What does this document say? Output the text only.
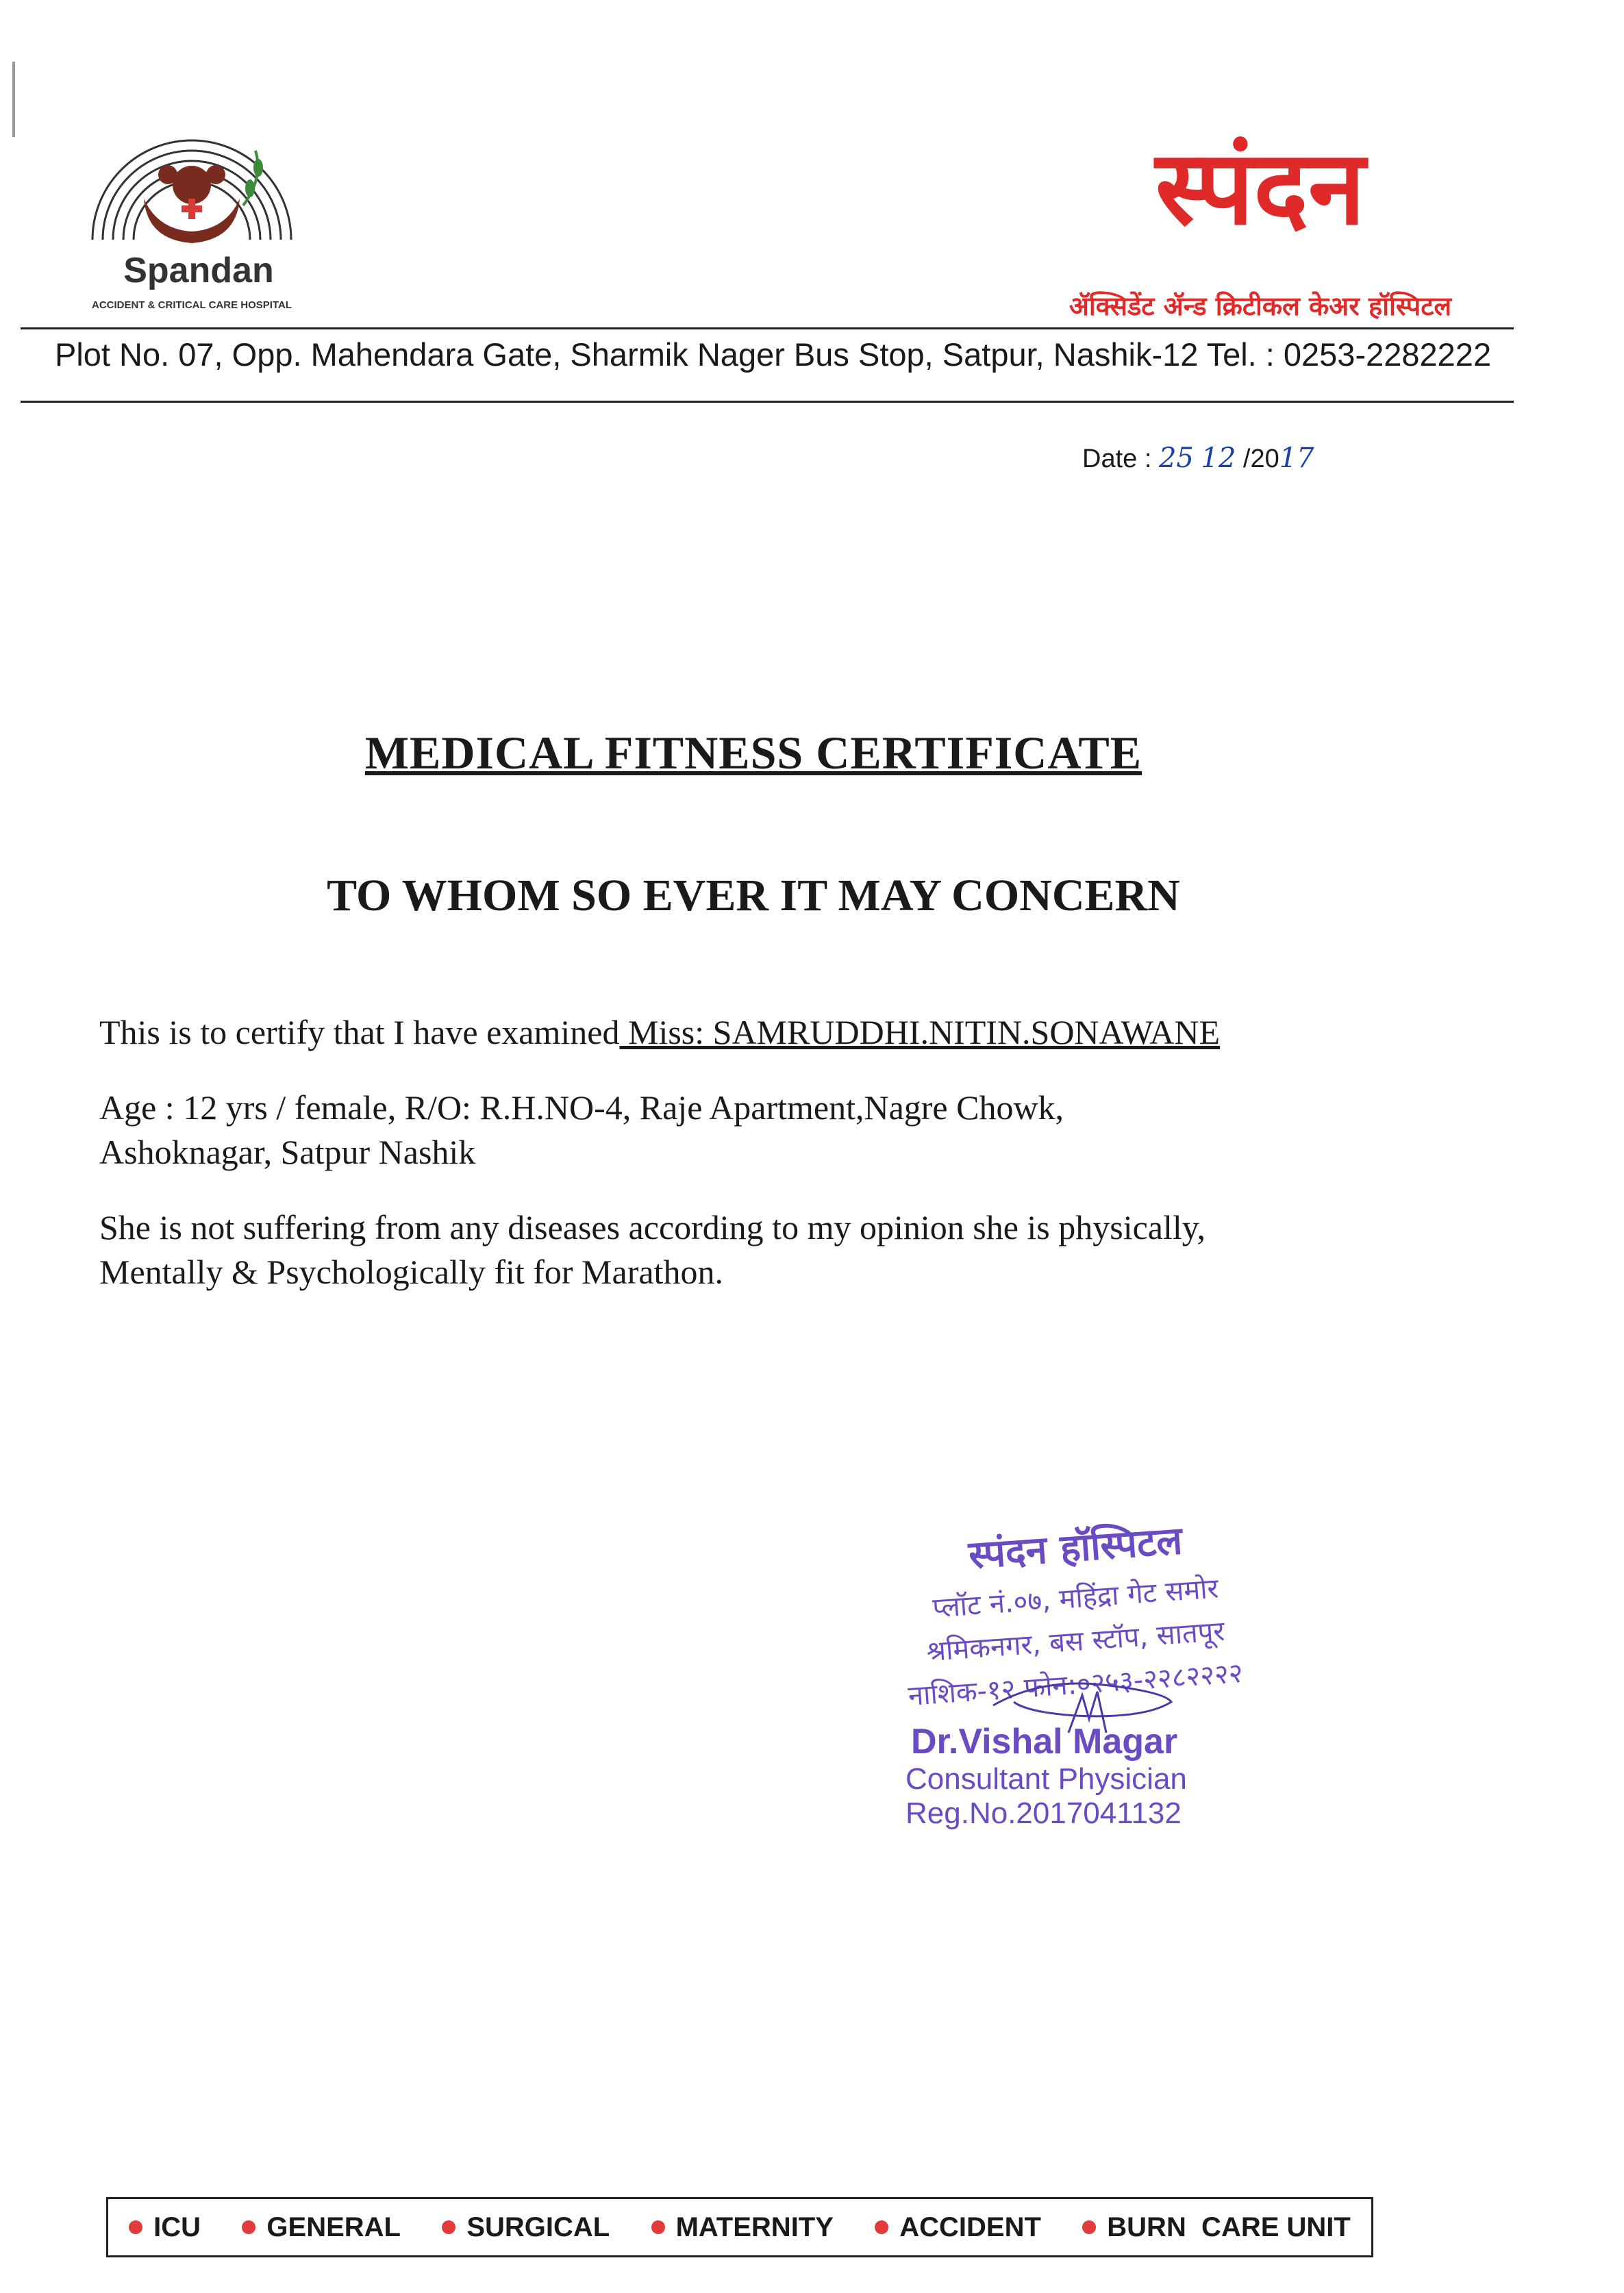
Spandan
ACCIDENT & CRITICAL CARE HOSPITAL
स्पंदन
ॲक्सिडेंट ॲन्ड क्रिटीकल केअर हॉस्पिटल
Plot No. 07, Opp. Mahendara Gate, Sharmik Nager Bus Stop, Satpur, Nashik-12 Tel. : 0253-2282222
Date : 25 12 /2017
MEDICAL FITNESS CERTIFICATE
TO WHOM SO EVER IT MAY CONCERN
This is to certify that I have examined Miss: SAMRUDDHI.NITIN.SONAWANE
Age : 12 yrs / female, R/O: R.H.NO-4, Raje Apartment,Nagre Chowk,
Ashoknagar, Satpur Nashik
She is not suffering from any diseases according to my opinion she is physically,
Mentally & Psychologically fit for Marathon.
स्पंदन हॉस्पिटल
प्लॉट नं.०७, महिंद्रा गेट समोर
श्रमिकनगर, बस स्टॉप, सातपूर
नाशिक-१२ फोन:०२५३-२२८२२२२
Dr.Vishal Magar
Consultant Physician
Reg.No.2017041132
ICU GENERAL SURGICAL MATERNITY ACCIDENT BURN  CARE UNIT
